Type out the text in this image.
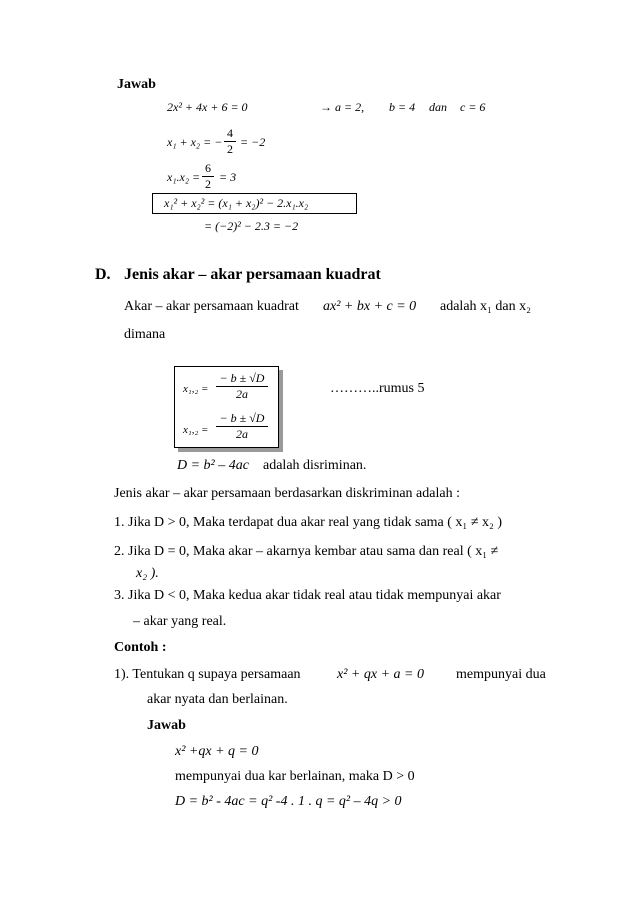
Jawab
2x² + 4x + 6 = 0	→ a = 2, b = 4 dan c = 6
x₁ + x₂ = −
4
2 = −2
x₁.x₂ =
6
2 = 3
x₁² + x₂² = (x₁ + x₂)² − 2.x₁.x₂
= (−2)² − 2.3 = −2
D. Jenis akar – akar persamaan kuadrat
Akar – akar persamaan kuadrat ax² + bx + c = 0 adalah x₁ dan x₂
dimana
x₁,₂ =
− b ± √D
2a
x₁,₂ =
− b ± √D
2a
………..rumus 5
D = b² – 4ac adalah disriminan.
Jenis akar – akar persamaan berdasarkan diskriminan adalah :
1. Jika D > 0, Maka terdapat dua akar real yang tidak sama ( x₁ ≠ x₂ )
2. Jika D = 0, Maka akar – akarnya kembar atau sama dan real ( x₁ ≠
x₂ ).
3. Jika D < 0, Maka kedua akar tidak real atau tidak mempunyai akar
– akar yang real.
Contoh :
1). Tentukan q supaya persamaan	x² + qx + a = 0 mempunyai dua
akar nyata dan berlainan.
Jawab
x² +qx + q = 0
mempunyai dua kar berlainan, maka D > 0
D = b² - 4ac = q² -4 . 1 . q = q² – 4q > 0
